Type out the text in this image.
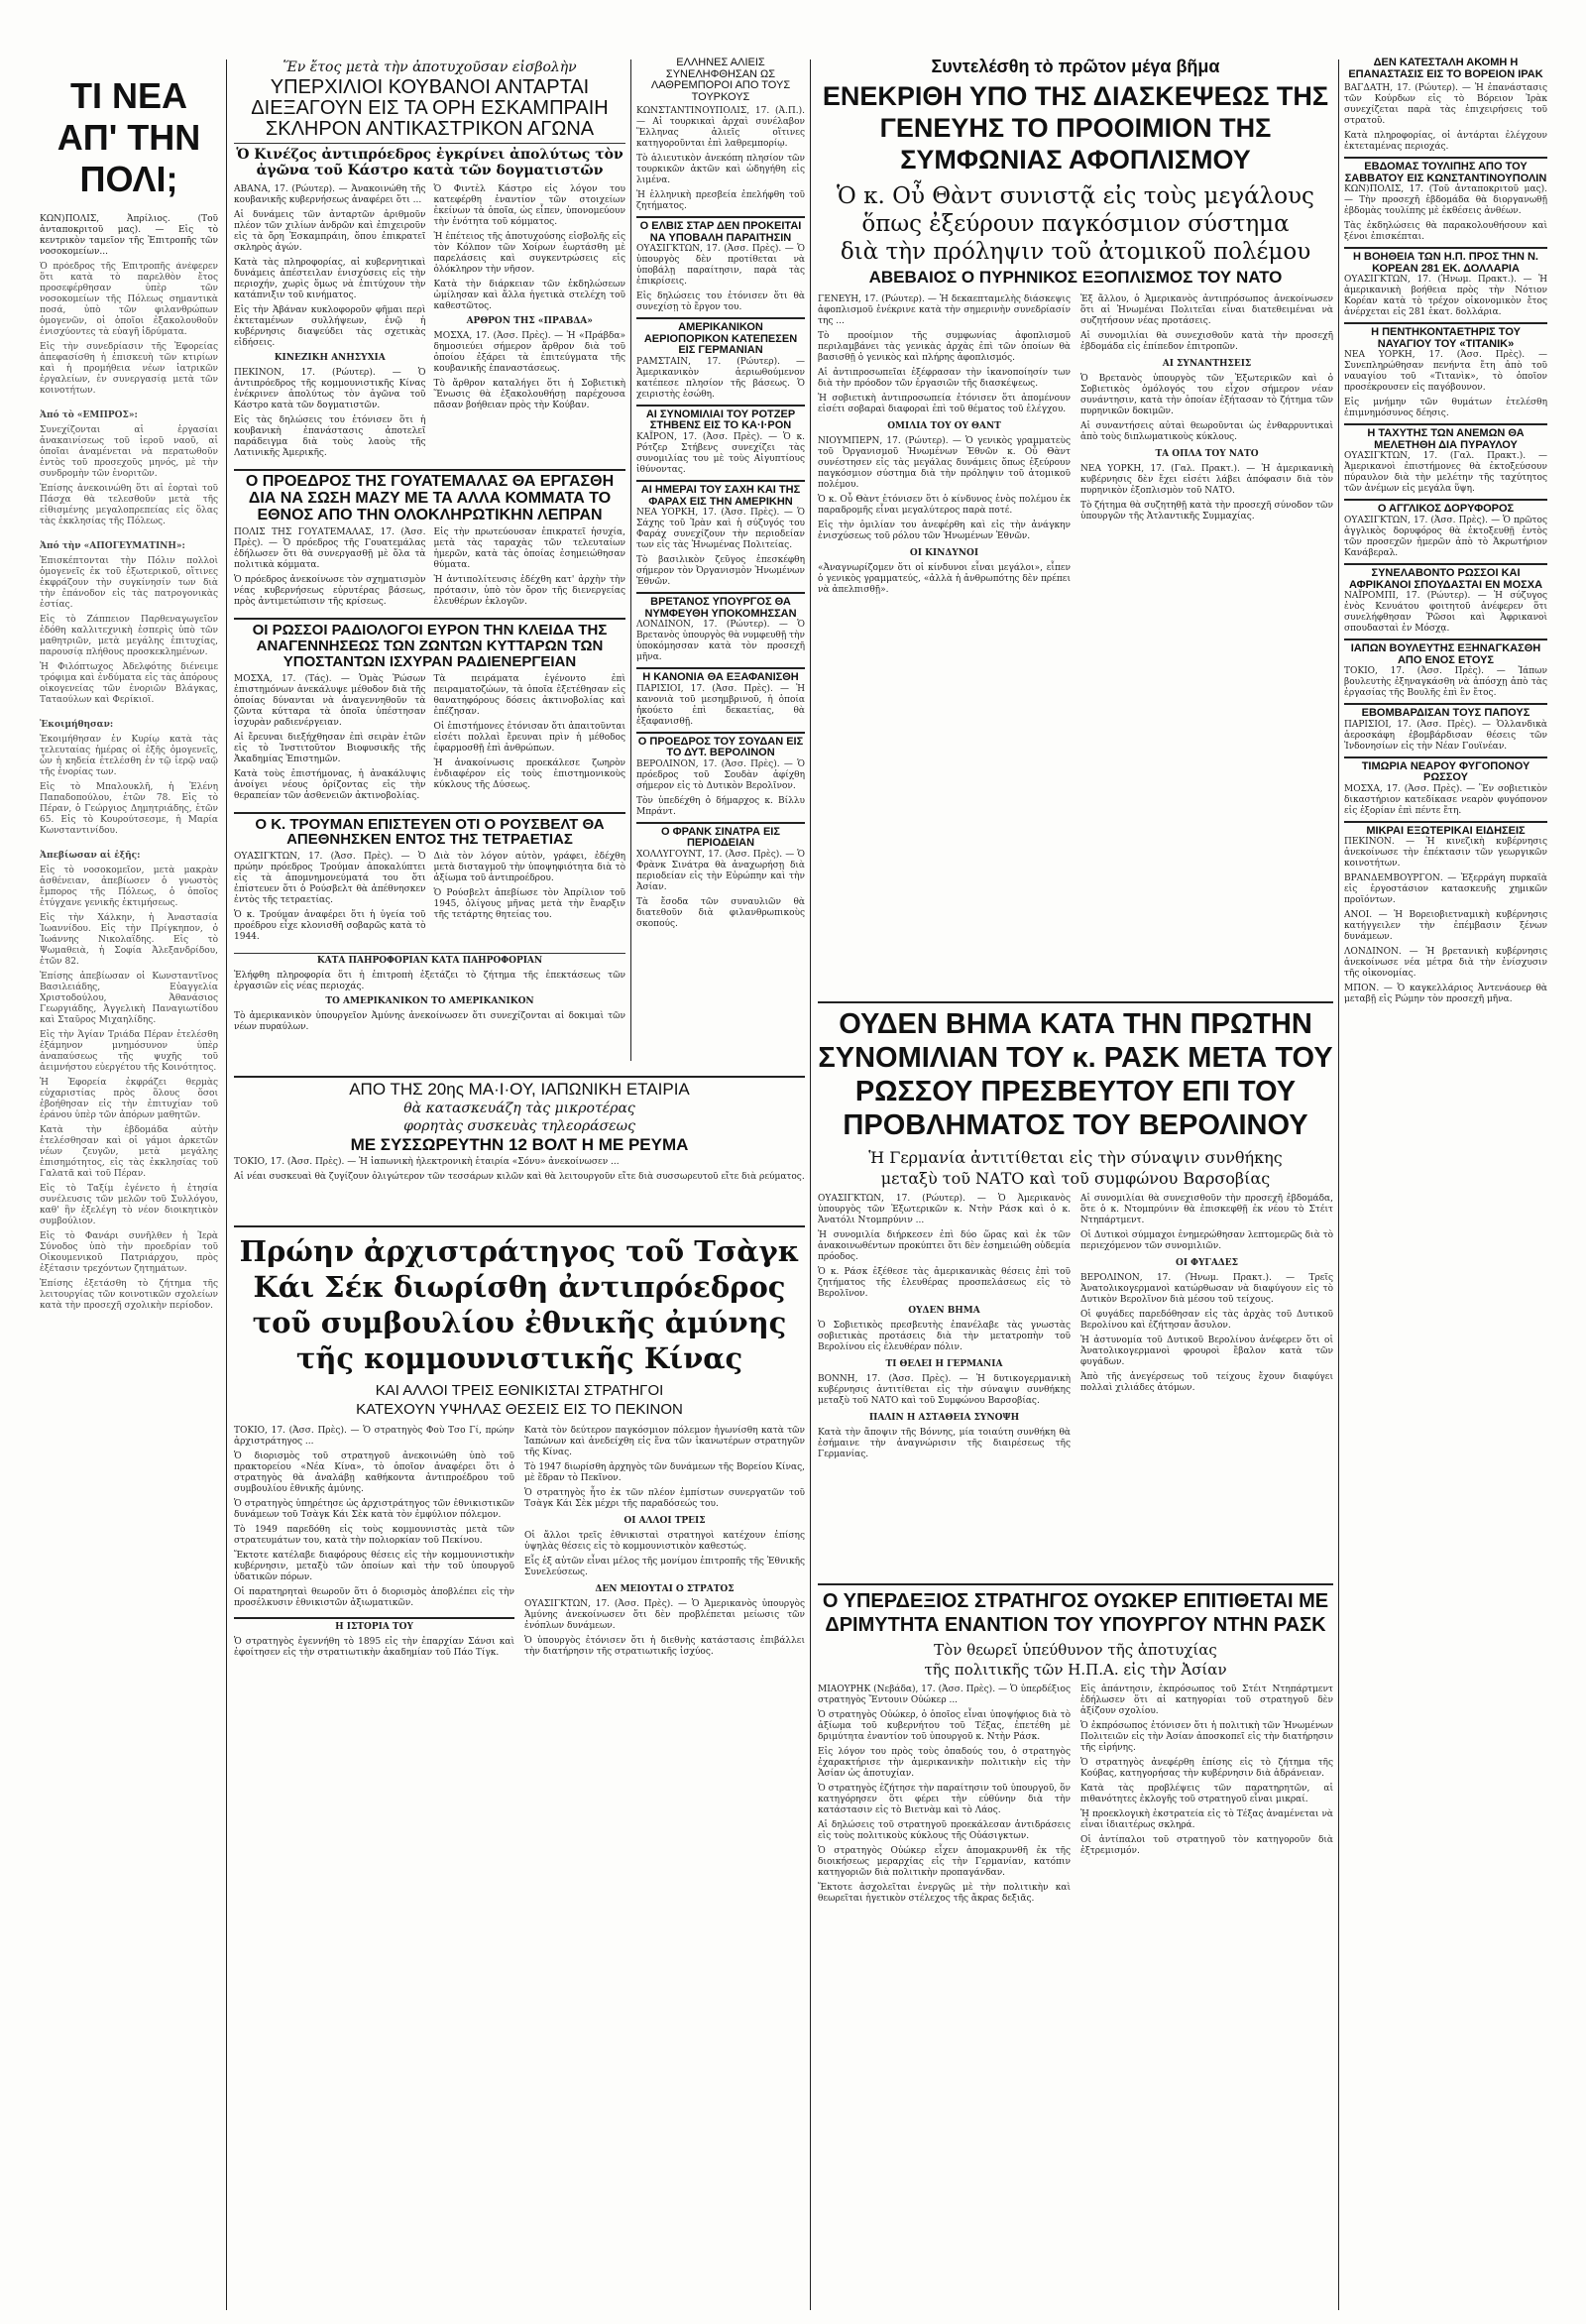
ΤΙ ΝΕΑ ΑΠ' ΤΗΝ ΠΟΛΙ;

ΚΩΝ)ΠΟΛΙΣ, Ἀπρίλιος. (Τοῦ ἀνταποκριτοῦ μας). — Εἰς τὸ κεντρικὸν ταμεῖον τῆς Ἐπιτροπῆς τῶν νοσοκομείων...

Ὁ πρόεδρος τῆς Ἐπιτροπῆς ἀνέφερεν ὅτι κατὰ τὸ παρελθὸν ἔτος προσεφέρθησαν ὑπὲρ τῶν νοσοκομείων τῆς Πόλεως σημαντικὰ ποσά, ὑπὸ τῶν φιλανθρώπων ὁμογενῶν, οἱ ὁποῖοι ἐξακολουθοῦν ἐνισχύοντες τὰ εὐαγῆ ἱδρύματα.

Εἰς τὴν συνεδρίασιν τῆς Ἐφορείας ἀπεφασίσθη ἡ ἐπισκευὴ τῶν κτιρίων καὶ ἡ προμήθεια νέων ἰατρικῶν ἐργαλείων, ἐν συνεργασίᾳ μετὰ τῶν κοινοτήτων.

Ἀπό τὸ «ΕΜΠΡΟΣ»:

Συνεχίζονται αἱ ἐργασίαι ἀνακαινίσεως τοῦ ἱεροῦ ναοῦ, αἱ ὁποῖαι ἀναμένεται νὰ περατωθοῦν ἐντὸς τοῦ προσεχοῦς μηνός, μὲ τὴν συνδρομὴν τῶν ἐνοριτῶν.

Ἐπίσης ἀνεκοινώθη ὅτι αἱ ἑορταὶ τοῦ Πάσχα θὰ τελεσθοῦν μετὰ τῆς εἰθισμένης μεγαλοπρεπείας εἰς ὅλας τὰς ἐκκλησίας τῆς Πόλεως.

Ἀπό τὴν «ΑΠΟΓΕΥΜΑΤΙΝΗ»:

Ἐπισκέπτονται τὴν Πόλιν πολλοὶ ὁμογενεῖς ἐκ τοῦ ἐξωτερικοῦ, οἵτινες ἐκφράζουν τὴν συγκίνησίν των διὰ τὴν ἐπάνοδον εἰς τὰς πατρογονικὰς ἑστίας.

Εἰς τὸ Ζάππειον Παρθεναγωγεῖον ἐδόθη καλλιτεχνικὴ ἑσπερὶς ὑπὸ τῶν μαθητριῶν, μετὰ μεγάλης ἐπιτυχίας, παρουσίᾳ πλήθους προσκεκλημένων.

Ἡ Φιλόπτωχος Ἀδελφότης διένειμε τρόφιμα καὶ ἐνδύματα εἰς τὰς ἀπόρους οἰκογενείας τῶν ἐνοριῶν Βλάγκας, Ταταούλων καὶ Φερίκιοϊ.

Ἐκοιμήθησαν:

Ἐκοιμήθησαν ἐν Κυρίῳ κατὰ τὰς τελευταίας ἡμέρας οἱ ἑξῆς ὁμογενεῖς, ὧν ἡ κηδεία ἐτελέσθη ἐν τῷ ἱερῷ ναῷ τῆς ἐνορίας των.

Εἰς τὸ Μπαλουκλῆ, ἡ Ἐλένη Παπαδοπούλου, ἐτῶν 78. Εἰς τὸ Πέραν, ὁ Γεώργιος Δημητριάδης, ἐτῶν 65. Εἰς τὸ Κουρούτσεσμε, ἡ Μαρία Κωνσταντινίδου.

Ἀπεβίωσαν αἱ ἑξῆς:

Εἰς τὸ νοσοκομεῖον, μετὰ μακρὰν ἀσθένειαν, ἀπεβίωσεν ὁ γνωστὸς ἔμπορος τῆς Πόλεως, ὁ ὁποῖος ἐτύγχανε γενικῆς ἐκτιμήσεως.

Εἰς τὴν Χάλκην, ἡ Ἀναστασία Ἰωαννίδου. Εἰς τὴν Πρίγκηπον, ὁ Ἰωάννης Νικολαΐδης. Εἰς τὸ Ψωμαθειὰ, ἡ Σοφία Ἀλεξανδρίδου, ἐτῶν 82.

Ἐπίσης ἀπεβίωσαν οἱ Κωνσταντῖνος Βασιλειάδης, Εὐαγγελία Χριστοδούλου, Ἀθανάσιος Γεωργιάδης, Ἀγγελικὴ Παναγιωτίδου καὶ Σταῦρος Μιχαηλίδης.

Εἰς τὴν Ἁγίαν Τριάδα Πέραν ἐτελέσθη ἑξάμηνον μνημόσυνον ὑπὲρ ἀναπαύσεως τῆς ψυχῆς τοῦ ἀειμνήστου εὐεργέτου τῆς Κοινότητος.

Ἡ Ἐφορεία ἐκφράζει θερμὰς εὐχαριστίας πρὸς ὅλους ὅσοι ἐβοήθησαν εἰς τὴν ἐπιτυχίαν τοῦ ἐράνου ὑπὲρ τῶν ἀπόρων μαθητῶν.

Κατὰ τὴν ἐβδομάδα αὐτὴν ἐτελέσθησαν καὶ οἱ γάμοι ἀρκετῶν νέων ζευγῶν, μετὰ μεγάλης ἐπισημότητος, εἰς τὰς ἐκκλησίας τοῦ Γαλατᾶ καὶ τοῦ Πέραν.

Εἰς τὸ Ταξίμ ἐγένετο ἡ ἐτησία συνέλευσις τῶν μελῶν τοῦ Συλλόγου, καθ' ἣν ἐξελέγη τὸ νέον διοικητικὸν συμβούλιον.

Εἰς τὸ Φανάρι συνῆλθεν ἡ Ἱερὰ Σύνοδος ὑπὸ τὴν προεδρίαν τοῦ Οἰκουμενικοῦ Πατριάρχου, πρὸς ἐξέτασιν τρεχόντων ζητημάτων.

Ἐπίσης ἐξετάσθη τὸ ζήτημα τῆς λειτουργίας τῶν κοινοτικῶν σχολείων κατὰ τὴν προσεχῆ σχολικὴν περίοδον.

Ἕν ἔτος μετὰ τὴν ἀποτυχοῦσαν εἰσβολὴν
ΥΠΕΡΧΙΛΙΟΙ ΚΟΥΒΑΝΟΙ ΑΝΤΑΡΤΑΙ ΔΙΕΞΑΓΟΥΝ ΕΙΣ ΤΑ ΟΡΗ ΕΣΚΑΜΠΡΑΙΗ ΣΚΛΗΡΟΝ ΑΝΤΙΚΑΣΤΡΙΚΟΝ ΑΓΩΝΑ
Ὁ Κινέζος ἀντιπρόεδρος ἐγκρίνει ἀπολύτως τὸν ἀγῶνα τοῦ Κάστρο κατὰ τῶν δογματιστῶν

ΑΒΑΝΑ, 17. (Ρώυτερ). — Ἀνακοινώθη τῆς κουβανικῆς κυβερνήσεως ἀναφέρει ὅτι ...

Αἱ δυνάμεις τῶν ἀνταρτῶν ἀριθμοῦν πλέον τῶν χιλίων ἀνδρῶν καὶ ἐπιχειροῦν εἰς τὰ ὄρη Ἐσκαμπράιη, ὅπου ἐπικρατεῖ σκληρὸς ἀγών.

Κατὰ τὰς πληροφορίας, αἱ κυβερνητικαὶ δυνάμεις ἀπέστειλαν ἐνισχύσεις εἰς τὴν περιοχήν, χωρὶς ὅμως νὰ ἐπιτύχουν τὴν κατάπνιξιν τοῦ κινήματος.

Εἰς τὴν Ἀβάναν κυκλοφοροῦν φῆμαι περὶ ἐκτεταμένων συλλήψεων, ἐνῷ ἡ κυβέρνησις διαψεύδει τὰς σχετικὰς εἰδήσεις.

ΚΙΝΕΖΙΚΗ ΑΝΗΣΥΧΙΑ

ΠΕΚΙΝΟΝ, 17. (Ρώυτερ). — Ὁ ἀντιπρόεδρος τῆς κομμουνιστικῆς Κίνας ἐνέκρινεν ἀπολύτως τὸν ἀγῶνα τοῦ Κάστρο κατὰ τῶν δογματιστῶν.

Εἰς τὰς δηλώσεις του ἐτόνισεν ὅτι ἡ κουβανικὴ ἐπανάστασις ἀποτελεῖ παράδειγμα διὰ τοὺς λαοὺς τῆς Λατινικῆς Ἀμερικῆς.

Ὁ Φιντὲλ Κάστρο εἰς λόγον του κατεφέρθη ἐναντίον τῶν στοιχείων ἐκείνων τὰ ὁποῖα, ὡς εἶπεν, ὑπονομεύουν τὴν ἑνότητα τοῦ κόμματος.

Ἡ ἐπέτειος τῆς ἀποτυχούσης εἰσβολῆς εἰς τὸν Κόλπον τῶν Χοίρων ἑωρτάσθη μὲ παρελάσεις καὶ συγκεντρώσεις εἰς ὁλόκληρον τὴν νῆσον.

Κατὰ τὴν διάρκειαν τῶν ἐκδηλώσεων ὡμίλησαν καὶ ἄλλα ἡγετικὰ στελέχη τοῦ καθεστῶτος.

ΑΡΘΡΟΝ ΤΗΣ «ΠΡΑΒΔΑ»

ΜΟΣΧΑ, 17. (Ἀσσ. Πρὲς). — Ἡ «Πράβδα» δημοσιεύει σήμερον ἄρθρον διὰ τοῦ ὁποίου ἐξάρει τὰ ἐπιτεύγματα τῆς κουβανικῆς ἐπαναστάσεως.

Τὸ ἄρθρον καταλήγει ὅτι ἡ Σοβιετικὴ Ἕνωσις θὰ ἐξακολουθήσῃ παρέχουσα πᾶσαν βοήθειαν πρὸς τὴν Κούβαν.

Ο ΠΡΟΕΔΡΟΣ ΤΗΣ ΓΟΥΑΤΕΜΑΛΑΣ ΘΑ ΕΡΓΑΣΘΗ ΔΙΑ ΝΑ ΣΩΣΗ ΜΑΖΥ ΜΕ ΤΑ ΑΛΛΑ ΚΟΜΜΑΤΑ ΤΟ ΕΘΝΟΣ ΑΠΟ ΤΗΝ ΟΛΟΚΛΗΡΩΤΙΚΗΝ ΛΕΠΡΑΝ

ΠΟΛΙΣ ΤΗΣ ΓΟΥΑΤΕΜΑΛΑΣ, 17. (Ἀσσ. Πρὲς). — Ὁ πρόεδρος τῆς Γουατεμάλας ἐδήλωσεν ὅτι θὰ συνεργασθῇ μὲ ὅλα τὰ πολιτικὰ κόμματα.

Ὁ πρόεδρος ἀνεκοίνωσε τὸν σχηματισμὸν νέας κυβερνήσεως εὐρυτέρας βάσεως, πρὸς ἀντιμετώπισιν τῆς κρίσεως.

Εἰς τὴν πρωτεύουσαν ἐπικρατεῖ ἡσυχία, μετὰ τὰς ταραχὰς τῶν τελευταίων ἡμερῶν, κατὰ τὰς ὁποίας ἐσημειώθησαν θύματα.

Ἡ ἀντιπολίτευσις ἐδέχθη κατ' ἀρχὴν τὴν πρότασιν, ὑπὸ τὸν ὅρον τῆς διενεργείας ἐλευθέρων ἐκλογῶν.

ΟΙ ΡΩΣΣΟΙ ΡΑΔΙΟΛΟΓΟΙ ΕΥΡΟΝ ΤΗΝ ΚΛΕΙΔΑ ΤΗΣ ΑΝΑΓΕΝΝΗΣΕΩΣ ΤΩΝ ΖΩΝΤΩΝ ΚΥΤΤΑΡΩΝ ΤΩΝ ΥΠΟΣΤΑΝΤΩΝ ΙΣΧΥΡΑΝ ΡΑΔΙΕΝΕΡΓΕΙΑΝ

ΜΟΣΧΑ, 17. (Τάς). — Ὁμὰς Ῥώσων ἐπιστημόνων ἀνεκάλυψε μέθοδον διὰ τῆς ὁποίας δύνανται νὰ ἀναγεννηθοῦν τὰ ζῶντα κύτταρα τὰ ὁποῖα ὑπέστησαν ἰσχυρὰν ραδιενέργειαν.

Αἱ ἔρευναι διεξήχθησαν ἐπὶ σειρὰν ἐτῶν εἰς τὸ Ἰνστιτοῦτον Βιοφυσικῆς τῆς Ἀκαδημίας Ἐπιστημῶν.

Κατὰ τοὺς ἐπιστήμονας, ἡ ἀνακάλυψις ἀνοίγει νέους ὁρίζοντας εἰς τὴν θεραπείαν τῶν ἀσθενειῶν ἀκτινοβολίας.

Τὰ πειράματα ἐγένοντο ἐπὶ πειραματοζώων, τὰ ὁποῖα ἐξετέθησαν εἰς θανατηφόρους δόσεις ἀκτινοβολίας καὶ ἐπέζησαν.

Οἱ ἐπιστήμονες ἐτόνισαν ὅτι ἀπαιτοῦνται εἰσέτι πολλαὶ ἔρευναι πρὶν ἡ μέθοδος ἐφαρμοσθῇ ἐπὶ ἀνθρώπων.

Ἡ ἀνακοίνωσις προεκάλεσε ζωηρὸν ἐνδιαφέρον εἰς τοὺς ἐπιστημονικοὺς κύκλους τῆς Δύσεως.

Ο Κ. ΤΡΟΥΜΑΝ ΕΠΙΣΤΕΥΕΝ ΟΤΙ Ο ΡΟΥΣΒΕΛΤ ΘΑ ΑΠΕΘΝΗΣΚΕΝ ΕΝΤΟΣ ΤΗΣ ΤΕΤΡΑΕΤΙΑΣ

ΟΥΑΣΙΓΚΤΩΝ, 17. (Ἀσσ. Πρὲς). — Ὁ πρώην πρόεδρος Τρούμαν ἀποκαλύπτει εἰς τὰ ἀπομνημονεύματά του ὅτι ἐπίστευεν ὅτι ὁ Ρούσβελτ θὰ ἀπέθνησκεν ἐντὸς τῆς τετραετίας.

Ὁ κ. Τρούμαν ἀναφέρει ὅτι ἡ ὑγεία τοῦ προέδρου εἶχε κλονισθῆ σοβαρῶς κατὰ τὸ 1944.

Διὰ τὸν λόγον αὐτὸν, γράφει, ἐδέχθη μετὰ δισταγμοῦ τὴν ὑποψηφιότητα διὰ τὸ ἀξίωμα τοῦ ἀντιπροέδρου.

Ὁ Ρούσβελτ ἀπεβίωσε τὸν Ἀπρίλιον τοῦ 1945, ὀλίγους μῆνας μετὰ τὴν ἔναρξιν τῆς τετάρτης θητείας του.

ΚΑΤΑ ΠΑΗΡΟΦΟΡΙΑΝ ΚΑΤΑ ΠΑΗΡΟΦΟΡΙΑΝ

Ἐλήφθη πληροφορία ὅτι ἡ ἐπιτροπὴ ἐξετάζει τὸ ζήτημα τῆς ἐπεκτάσεως τῶν ἐργασιῶν εἰς νέας περιοχάς.

ΤΟ ΑΜΕΡΙΚΑΝΙΚΟΝ ΤΟ ΑΜΕΡΙΚΑΝΙΚΟΝ

Τὸ ἀμερικανικὸν ὑπουργεῖον Ἀμύνης ἀνεκοίνωσεν ὅτι συνεχίζονται αἱ δοκιμαὶ τῶν νέων πυραύλων.

ΕΛΛΗΝΕΣ ΑΛΙΕΙΣ ΣΥΝΕΛΗΦΘΗΣΑΝ ΩΣ ΛΑΘΡΕΜΠΟΡΟΙ ΑΠΟ ΤΟΥΣ ΤΟΥΡΚΟΥΣ

ΚΩΝΣΤΑΝΤΙΝΟΥΠΟΛΙΣ, 17. (Ἀ.Π.). — Αἱ τουρκικαὶ ἀρχαὶ συνέλαβον Ἕλληνας ἁλιεῖς οἵτινες κατηγοροῦνται ἐπὶ λαθρεμπορίῳ.

Τὸ ἁλιευτικὸν ἀνεκόπη πλησίον τῶν τουρκικῶν ἀκτῶν καὶ ὡδηγήθη εἰς λιμένα.

Ἡ ἑλληνικὴ πρεσβεία ἐπελήφθη τοῦ ζητήματος.

Ο ΕΛΒΙΣ ΣΤΑΡ ΔΕΝ ΠΡΟΚΕΙΤΑΙ ΝΑ ΥΠΟΒΑΛΗ ΠΑΡΑΙΤΗΣΙΝ

ΟΥΑΣΙΓΚΤΩΝ, 17. (Ἀσσ. Πρὲς). — Ὁ ὑπουργὸς δὲν προτίθεται νὰ ὑποβάλῃ παραίτησιν, παρὰ τὰς ἐπικρίσεις.

Εἰς δηλώσεις του ἐτόνισεν ὅτι θὰ συνεχίσῃ τὸ ἔργον του.

ΑΜΕΡΙΚΑΝΙΚΟΝ ΑΕΡΙΟΠΟΡΙΚΟΝ ΚΑΤΕΠΕΣΕΝ ΕΙΣ ΓΕΡΜΑΝΙΑΝ

ΡΑΜΣΤΑΙΝ, 17. (Ρώυτερ). — Ἀμερικανικὸν ἀεριωθούμενον κατέπεσε πλησίον τῆς βάσεως. Ὁ χειριστὴς ἐσώθη.

ΑΙ ΣΥΝΟΜΙΛΙΑΙ ΤΟΥ ΡΟΤΖΕΡ ΣΤΗΒΕΝΣ ΕΙΣ ΤΟ ΚΑ·Ι·ΡΟΝ

ΚΑΪΡΟΝ, 17. (Ἀσσ. Πρὲς). — Ὁ κ. Ρότζερ Στήβενς συνεχίζει τὰς συνομιλίας του μὲ τοὺς Αἰγυπτίους ἰθύνοντας.

ΑΙ ΗΜΕΡΑΙ ΤΟΥ ΣΑΧΗ ΚΑΙ ΤΗΣ ΦΑΡΑΧ ΕΙΣ ΤΗΝ ΑΜΕΡΙΚΗΝ

ΝΕΑ ΥΟΡΚΗ, 17. (Ἀσσ. Πρὲς). — Ὁ Σάχης τοῦ Ἰρὰν καὶ ἡ σύζυγός του Φαράχ συνεχίζουν τὴν περιοδείαν των εἰς τὰς Ἡνωμένας Πολιτείας.

Τὸ βασιλικὸν ζεῦγος ἐπεσκέφθη σήμερον τὸν Ὀργανισμὸν Ἡνωμένων Ἐθνῶν.

ΒΡΕΤΑΝΟΣ ΥΠΟΥΡΓΟΣ ΘΑ ΝΥΜΦΕΥΘΗ ΥΠΟΚΟΜΗΣΣΑΝ

ΛΟΝΔΙΝΟΝ, 17. (Ρώυτερ). — Ὁ Βρετανὸς ὑπουργὸς θὰ νυμφευθῇ τὴν ὑποκόμησσαν κατὰ τὸν προσεχῆ μῆνα.

Η ΚΑΝΟΝΙΑ ΘΑ ΕΞΑΦΑΝΙΣΘΗ

ΠΑΡΙΣΙΟΙ, 17. (Ἀσσ. Πρὲς). — Ἡ κανονιὰ τοῦ μεσημβρινοῦ, ἡ ὁποία ἠκούετο ἐπὶ δεκαετίας, θὰ ἐξαφανισθῇ.

Ο ΠΡΟΕΔΡΟΣ ΤΟΥ ΣΟΥΔΑΝ ΕΙΣ ΤΟ ΔΥΤ. ΒΕΡΟΛΙΝΟΝ

ΒΕΡΟΛΙΝΟΝ, 17. (Ἀσσ. Πρὲς). — Ὁ πρόεδρος τοῦ Σουδὰν ἀφίχθη σήμερον εἰς τὸ Δυτικὸν Βερολῖνον.

Τὸν ὑπεδέχθη ὁ δήμαρχος κ. Βίλλυ Μπράντ.

Ο ΦΡΑΝΚ ΣΙΝΑΤΡΑ ΕΙΣ ΠΕΡΙΟΔΕΙΑΝ

ΧΟΛΛΥΓΟΥΝΤ, 17. (Ἀσσ. Πρὲς). — Ὁ Φρὰνκ Σινάτρα θὰ ἀναχωρήσῃ διὰ περιοδείαν εἰς τὴν Εὐρώπην καὶ τὴν Ἀσίαν.

Τὰ ἔσοδα τῶν συναυλιῶν θὰ διατεθοῦν διὰ φιλανθρωπικοὺς σκοπούς.

ΑΠΟ ΤΗΣ 20ης ΜΑ·Ι·ΟΥ, ΙΑΠΩΝΙΚΗ ΕΤΑΙΡΙΑ
θὰ κατασκευάζη τὰς μικροτέρας
φορητὰς συσκευὰς τηλεοράσεως
ΜΕ ΣΥΣΣΩΡΕΥΤΗΝ 12 ΒΟΛΤ Η ΜΕ ΡΕΥΜΑ

ΤΟΚΙΟ, 17. (Ἀσσ. Πρὲς). — Ἡ ἰαπωνικὴ ἠλεκτρονικὴ ἑταιρία «Σόνυ» ἀνεκοίνωσεν ...

Αἱ νέαι συσκευαὶ θὰ ζυγίζουν ὀλιγώτερον τῶν τεσσάρων κιλῶν καὶ θὰ λειτουργοῦν εἴτε διὰ συσσωρευτοῦ εἴτε διὰ ρεύματος.

Πρώην ἀρχιστράτηγος τοῦ Τσὰγκ Κάι Σέκ διωρίσθη ἀντιπρόεδρος τοῦ συμβουλίου ἐθνικῆς ἀμύνης τῆς κομμουνιστικῆς Κίνας
ΚΑΙ ΑΛΛΟΙ ΤΡΕΙΣ ΕΘΝΙΚΙΣΤΑΙ ΣΤΡΑΤΗΓΟΙ
ΚΑΤΕΧΟΥΝ ΥΨΗΛΑΣ ΘΕΣΕΙΣ ΕΙΣ ΤΟ ΠΕΚΙΝΟΝ

ΤΟΚΙΟ, 17. (Ἀσσ. Πρὲς). — Ὁ στρατηγὸς Φοὺ Τσο Γί, πρώην ἀρχιστράτηγος ...

Ὁ διορισμὸς τοῦ στρατηγοῦ ἀνεκοινώθη ὑπὸ τοῦ πρακτορείου «Νέα Κίνα», τὸ ὁποῖον ἀναφέρει ὅτι ὁ στρατηγὸς θὰ ἀναλάβῃ καθήκοντα ἀντιπροέδρου τοῦ συμβουλίου ἐθνικῆς ἀμύνης.

Ὁ στρατηγὸς ὑπηρέτησε ὡς ἀρχιστράτηγος τῶν ἐθνικιστικῶν δυνάμεων τοῦ Τσὰγκ Κάι Σὲκ κατὰ τὸν ἐμφύλιον πόλεμον.

Τὸ 1949 παρεδόθη εἰς τοὺς κομμουνιστὰς μετὰ τῶν στρατευμάτων του, κατὰ τὴν πολιορκίαν τοῦ Πεκίνου.

Ἔκτοτε κατέλαβε διαφόρους θέσεις εἰς τὴν κομμουνιστικὴν κυβέρνησιν, μεταξὺ τῶν ὁποίων καὶ τὴν τοῦ ὑπουργοῦ ὑδατικῶν πόρων.

Οἱ παρατηρηταὶ θεωροῦν ὅτι ὁ διορισμὸς ἀποβλέπει εἰς τὴν προσέλκυσιν ἐθνικιστῶν ἀξιωματικῶν.

Η ΙΣΤΟΡΙΑ ΤΟΥ

Ὁ στρατηγὸς ἐγεννήθη τὸ 1895 εἰς τὴν ἐπαρχίαν Σάνσι καὶ ἐφοίτησεν εἰς τὴν στρατιωτικὴν ἀκαδημίαν τοῦ Πάο Τίγκ.

Κατὰ τὸν δεύτερον παγκόσμιον πόλεμον ἠγωνίσθη κατὰ τῶν Ἰαπώνων καὶ ἀνεδείχθη εἰς ἕνα τῶν ἱκανωτέρων στρατηγῶν τῆς Κίνας.

Τὸ 1947 διωρίσθη ἀρχηγὸς τῶν δυνάμεων τῆς Βορείου Κίνας, μὲ ἕδραν τὸ Πεκῖνον.

Ὁ στρατηγὸς ἦτο ἐκ τῶν πλέον ἐμπίστων συνεργατῶν τοῦ Τσὰγκ Κάι Σὲκ μέχρι τῆς παραδόσεώς του.

ΟΙ ΑΛΛΟΙ ΤΡΕΙΣ

Οἱ ἄλλοι τρεῖς ἐθνικισταὶ στρατηγοὶ κατέχουν ἐπίσης ὑψηλὰς θέσεις εἰς τὸ κομμουνιστικὸν καθεστώς.

Εἷς ἐξ αὐτῶν εἶναι μέλος τῆς μονίμου ἐπιτροπῆς τῆς Ἐθνικῆς Συνελεύσεως.

ΔΕΝ ΜΕΙΟΥΤΑΙ Ο ΣΤΡΑΤΟΣ

ΟΥΑΣΙΓΚΤΩΝ, 17. (Ἀσσ. Πρὲς). — Ὁ Ἀμερικανὸς ὑπουργὸς Ἀμύνης ἀνεκοίνωσεν ὅτι δὲν προβλέπεται μείωσις τῶν ἐνόπλων δυνάμεων.

Ὁ ὑπουργὸς ἐτόνισεν ὅτι ἡ διεθνὴς κατάστασις ἐπιβάλλει τὴν διατήρησιν τῆς στρατιωτικῆς ἰσχύος.

Συντελέσθη τὸ πρῶτον μέγα βῆμα
ΕΝΕΚΡΙΘΗ ΥΠΟ ΤΗΣ ΔΙΑΣΚΕΨΕΩΣ ΤΗΣ ΓΕΝΕΥΗΣ ΤΟ ΠΡΟΟΙΜΙΟΝ ΤΗΣ ΣΥΜΦΩΝΙΑΣ ΑΦΟΠΛΙΣΜΟΥ
Ὁ κ. Οὖ Θὰντ συνιστᾷ εἰς τοὺς μεγάλους
ὅπως ἐξεύρουν παγκόσμιον σύστημα
διὰ τὴν πρόληψιν τοῦ ἀτομικοῦ πολέμου
ΑΒΕΒΑΙΟΣ Ο ΠΥΡΗΝΙΚΟΣ ΕΞΟΠΛΙΣΜΟΣ ΤΟΥ ΝΑΤΟ

ΓΕΝΕΥΗ, 17. (Ρώυτερ). — Ἡ δεκαεπταμελὴς διάσκεψις ἀφοπλισμοῦ ἐνέκρινε κατὰ τὴν σημερινὴν συνεδρίασίν της ...

Τὸ προοίμιον τῆς συμφωνίας ἀφοπλισμοῦ περιλαμβάνει τὰς γενικὰς ἀρχὰς ἐπὶ τῶν ὁποίων θὰ βασισθῇ ὁ γενικὸς καὶ πλήρης ἀφοπλισμός.

Αἱ ἀντιπροσωπεῖαι ἐξέφρασαν τὴν ἱκανοποίησίν των διὰ τὴν πρόοδον τῶν ἐργασιῶν τῆς διασκέψεως.

Ἡ σοβιετικὴ ἀντιπροσωπεία ἐτόνισεν ὅτι ἀπομένουν εἰσέτι σοβαραὶ διαφοραὶ ἐπὶ τοῦ θέματος τοῦ ἐλέγχου.

ΟΜΙΛΙΑ ΤΟΥ ΟΥ ΘΑΝΤ

ΝΙΟΥΜΠΕΡΝ, 17. (Ρώυτερ). — Ὁ γενικὸς γραμματεὺς τοῦ Ὀργανισμοῦ Ἡνωμένων Ἐθνῶν κ. Οὖ Θὰντ συνέστησεν εἰς τὰς μεγάλας δυνάμεις ὅπως ἐξεύρουν παγκόσμιον σύστημα διὰ τὴν πρόληψιν τοῦ ἀτομικοῦ πολέμου.

Ὁ κ. Οὖ Θὰντ ἐτόνισεν ὅτι ὁ κίνδυνος ἑνὸς πολέμου ἐκ παραδρομῆς εἶναι μεγαλύτερος παρὰ ποτέ.

Εἰς τὴν ὁμιλίαν του ἀνεφέρθη καὶ εἰς τὴν ἀνάγκην ἐνισχύσεως τοῦ ρόλου τῶν Ἡνωμένων Ἐθνῶν.

ΟΙ ΚΙΝΔΥΝΟΙ

«Ἀναγνωρίζομεν ὅτι οἱ κίνδυνοι εἶναι μεγάλοι», εἶπεν ὁ γενικὸς γραμματεύς, «ἀλλὰ ἡ ἀνθρωπότης δὲν πρέπει νὰ ἀπελπισθῇ».

Ἐξ ἄλλου, ὁ Ἀμερικανὸς ἀντιπρόσωπος ἀνεκοίνωσεν ὅτι αἱ Ἡνωμέναι Πολιτεῖαι εἶναι διατεθειμέναι νὰ συζητήσουν νέας προτάσεις.

Αἱ συνομιλίαι θὰ συνεχισθοῦν κατὰ τὴν προσεχῆ ἑβδομάδα εἰς ἐπίπεδον ἐπιτροπῶν.

ΑΙ ΣΥΝΑΝΤΗΣΕΙΣ

Ὁ Βρετανὸς ὑπουργὸς τῶν Ἐξωτερικῶν καὶ ὁ Σοβιετικὸς ὁμόλογός του εἶχον σήμερον νέαν συνάντησιν, κατὰ τὴν ὁποίαν ἐξήτασαν τὸ ζήτημα τῶν πυρηνικῶν δοκιμῶν.

Αἱ συναντήσεις αὐταὶ θεωροῦνται ὡς ἐνθαρρυντικαὶ ἀπὸ τοὺς διπλωματικοὺς κύκλους.

ΤΑ ΟΠΛΑ ΤΟΥ ΝΑΤΟ

ΝΕΑ ΥΟΡΚΗ, 17. (Γαλ. Πρακτ.). — Ἡ ἀμερικανικὴ κυβέρνησις δὲν ἔχει εἰσέτι λάβει ἀπόφασιν διὰ τὸν πυρηνικὸν ἐξοπλισμὸν τοῦ ΝΑΤΟ.

Τὸ ζήτημα θὰ συζητηθῇ κατὰ τὴν προσεχῆ σύνοδον τῶν ὑπουργῶν τῆς Ἀτλαντικῆς Συμμαχίας.

ΟΥΔΕΝ ΒΗΜΑ ΚΑΤΑ ΤΗΝ ΠΡΩΤΗΝ ΣΥΝΟΜΙΛΙΑΝ ΤΟΥ κ. ΡΑΣΚ ΜΕΤΑ ΤΟΥ ΡΩΣΣΟΥ ΠΡΕΣΒΕΥΤΟΥ ΕΠΙ ΤΟΥ ΠΡΟΒΛΗΜΑΤΟΣ ΤΟΥ ΒΕΡΟΛΙΝΟΥ
Ἡ Γερμανία ἀντιτίθεται εἰς τὴν σύναψιν συνθήκης
μεταξὺ τοῦ ΝΑΤΟ καὶ τοῦ συμφώνου Βαρσοβίας

ΟΥΑΣΙΓΚΤΩΝ, 17. (Ρώυτερ). — Ὁ Ἀμερικανὸς ὑπουργὸς τῶν Ἐξωτερικῶν κ. Ντὴν Ράσκ καὶ ὁ κ. Ἀνατόλι Ντομπρύνιν ...

Ἡ συνομιλία διήρκεσεν ἐπὶ δύο ὥρας καὶ ἐκ τῶν ἀνακοινωθέντων προκύπτει ὅτι δὲν ἐσημειώθη οὐδεμία πρόοδος.

Ὁ κ. Ράσκ ἐξέθεσε τὰς ἀμερικανικὰς θέσεις ἐπὶ τοῦ ζητήματος τῆς ἐλευθέρας προσπελάσεως εἰς τὸ Βερολῖνον.

ΟΥΔΕΝ ΒΗΜΑ

Ὁ Σοβιετικὸς πρεσβευτὴς ἐπανέλαβε τὰς γνωστὰς σοβιετικὰς προτάσεις διὰ τὴν μετατροπὴν τοῦ Βερολίνου εἰς ἐλευθέραν πόλιν.

ΤΙ ΘΕΛΕΙ Η ΓΕΡΜΑΝΙΑ

ΒΟΝΝΗ, 17. (Ἀσσ. Πρὲς). — Ἡ δυτικογερμανικὴ κυβέρνησις ἀντιτίθεται εἰς τὴν σύναψιν συνθήκης μεταξὺ τοῦ ΝΑΤΟ καὶ τοῦ Συμφώνου Βαρσοβίας.

ΠΑΛΙΝ Η ΑΣΤΑΘΕΙΑ ΣΥΝΟΨΗ

Κατὰ τὴν ἄποψιν τῆς Βόννης, μία τοιαύτη συνθήκη θὰ ἐσήμαινε τὴν ἀναγνώρισιν τῆς διαιρέσεως τῆς Γερμανίας.

Αἱ συνομιλίαι θὰ συνεχισθοῦν τὴν προσεχῆ ἑβδομάδα, ὅτε ὁ κ. Ντομπρύνιν θὰ ἐπισκεφθῇ ἐκ νέου τὸ Στέιτ Ντηπάρτμεντ.

Οἱ Δυτικοὶ σύμμαχοι ἐνημερώθησαν λεπτομερῶς διὰ τὸ περιεχόμενον τῶν συνομιλιῶν.

ΟΙ ΦΥΓΑΔΕΣ

ΒΕΡΟΛΙΝΟΝ, 17. (Ἡνωμ. Πρακτ.). — Τρεῖς Ἀνατολικογερμανοὶ κατώρθωσαν νὰ διαφύγουν εἰς τὸ Δυτικὸν Βερολῖνον διὰ μέσου τοῦ τείχους.

Οἱ φυγάδες παρεδόθησαν εἰς τὰς ἀρχὰς τοῦ Δυτικοῦ Βερολίνου καὶ ἐζήτησαν ἄσυλον.

Ἡ ἀστυνομία τοῦ Δυτικοῦ Βερολίνου ἀνέφερεν ὅτι οἱ Ἀνατολικογερμανοὶ φρουροὶ ἔβαλον κατὰ τῶν φυγάδων.

Ἀπὸ τῆς ἀνεγέρσεως τοῦ τείχους ἔχουν διαφύγει πολλαὶ χιλιάδες ἀτόμων.

Ο ΥΠΕΡΔΕΞΙΟΣ ΣΤΡΑΤΗΓΟΣ ΟΥΩΚΕΡ ΕΠΙΤΙΘΕΤΑΙ ΜΕ ΔΡΙΜΥΤΗΤΑ ΕΝΑΝΤΙΟΝ ΤΟΥ ΥΠΟΥΡΓΟΥ ΝΤΗΝ ΡΑΣΚ
Τὸν θεωρεῖ ὑπεύθυνον τῆς ἀποτυχίας
τῆς πολιτικῆς τῶν Η.Π.Α. εἰς τὴν Ἀσίαν

ΜΙΑΟΥΡΗΚ (Νεβάδα), 17. (Ἀσσ. Πρὲς). — Ὁ ὑπερδέξιος στρατηγὸς Ἔντουιν Οὐώκερ ...

Ὁ στρατηγὸς Οὐώκερ, ὁ ὁποῖος εἶναι ὑποψήφιος διὰ τὸ ἀξίωμα τοῦ κυβερνήτου τοῦ Τέξας, ἐπετέθη μὲ δριμύτητα ἐναντίον τοῦ ὑπουργοῦ κ. Ντὴν Ράσκ.

Εἰς λόγον του πρὸς τοὺς ὀπαδούς του, ὁ στρατηγὸς ἐχαρακτήρισε τὴν ἀμερικανικὴν πολιτικὴν εἰς τὴν Ἀσίαν ὡς ἀποτυχίαν.

Ὁ στρατηγὸς ἐζήτησε τὴν παραίτησιν τοῦ ὑπουργοῦ, ὅν κατηγόρησεν ὅτι φέρει τὴν εὐθύνην διὰ τὴν κατάστασιν εἰς τὸ Βιετνὰμ καὶ τὸ Λάος.

Αἱ δηλώσεις τοῦ στρατηγοῦ προεκάλεσαν ἀντιδράσεις εἰς τοὺς πολιτικοὺς κύκλους τῆς Οὐάσιγκτων.

Ὁ στρατηγὸς Οὐώκερ εἶχεν ἀπομακρυνθῆ ἐκ τῆς διοικήσεως μεραρχίας εἰς τὴν Γερμανίαν, κατόπιν κατηγοριῶν διὰ πολιτικὴν προπαγάνδαν.

Ἔκτοτε ἀσχολεῖται ἐνεργῶς μὲ τὴν πολιτικὴν καὶ θεωρεῖται ἡγετικὸν στέλεχος τῆς ἄκρας δεξιᾶς.

Εἰς ἀπάντησιν, ἐκπρόσωπος τοῦ Στέιτ Ντηπάρτμεντ ἐδήλωσεν ὅτι αἱ κατηγορίαι τοῦ στρατηγοῦ δὲν ἀξίζουν σχολίου.

Ὁ ἐκπρόσωπος ἐτόνισεν ὅτι ἡ πολιτικὴ τῶν Ἡνωμένων Πολιτειῶν εἰς τὴν Ἀσίαν ἀποσκοπεῖ εἰς τὴν διατήρησιν τῆς εἰρήνης.

Ὁ στρατηγὸς ἀνεφέρθη ἐπίσης εἰς τὸ ζήτημα τῆς Κούβας, κατηγορήσας τὴν κυβέρνησιν διὰ ἀδράνειαν.

Κατὰ τὰς προβλέψεις τῶν παρατηρητῶν, αἱ πιθανότητες ἐκλογῆς τοῦ στρατηγοῦ εἶναι μικραί.

Ἡ προεκλογικὴ ἐκστρατεία εἰς τὸ Τέξας ἀναμένεται νὰ εἶναι ἰδιαιτέρως σκληρά.

Οἱ ἀντίπαλοι τοῦ στρατηγοῦ τὸν κατηγοροῦν διὰ ἐξτρεμισμόν.

ΔΕΝ ΚΑΤΕΣΤΑΛΗ ΑΚΟΜΗ Η ΕΠΑΝΑΣΤΑΣΙΣ ΕΙΣ ΤΟ ΒΟΡΕΙΟΝ ΙΡΑΚ

ΒΑΓΔΑΤΗ, 17. (Ρώυτερ). — Ἡ ἐπανάστασις τῶν Κούρδων εἰς τὸ Βόρειον Ἰρὰκ συνεχίζεται παρὰ τὰς ἐπιχειρήσεις τοῦ στρατοῦ.

Κατὰ πληροφορίας, οἱ ἀντάρται ἐλέγχουν ἐκτεταμένας περιοχάς.

ΕΒΔΟΜΑΣ ΤΟΥΛΙΠΗΣ ΑΠΟ ΤΟΥ ΣΑΒΒΑΤΟΥ ΕΙΣ ΚΩΝΣΤΑΝΤΙΝΟΥΠΟΛΙΝ

ΚΩΝ)ΠΟΛΙΣ, 17. (Τοῦ ἀνταποκριτοῦ μας). — Τὴν προσεχῆ ἑβδομάδα θὰ διοργανωθῇ ἑβδομὰς τουλίπης μὲ ἐκθέσεις ἀνθέων.

Τὰς ἐκδηλώσεις θὰ παρακολουθήσουν καὶ ξένοι ἐπισκέπται.

Η ΒΟΗΘΕΙΑ ΤΩΝ Η.Π. ΠΡΟΣ ΤΗΝ Ν. ΚΟΡΕΑΝ 281 ΕΚ. ΔΟΛΛΑΡΙΑ

ΟΥΑΣΙΓΚΤΩΝ, 17. (Ἡνωμ. Πρακτ.). — Ἡ ἀμερικανικὴ βοήθεια πρὸς τὴν Νότιον Κορέαν κατὰ τὸ τρέχον οἰκονομικὸν ἔτος ἀνέρχεται εἰς 281 ἑκατ. δολλάρια.

Η ΠΕΝΤΗΚΟΝΤΑΕΤΗΡΙΣ ΤΟΥ ΝΑΥΑΓΙΟΥ ΤΟΥ «ΤΙΤΑΝΙΚ»

ΝΕΑ ΥΟΡΚΗ, 17. (Ἀσσ. Πρὲς). — Συνεπληρώθησαν πενήντα ἔτη ἀπὸ τοῦ ναυαγίου τοῦ «Τιτανὶκ», τὸ ὁποῖον προσέκρουσεν εἰς παγόβουνον.

Εἰς μνήμην τῶν θυμάτων ἐτελέσθη ἐπιμνημόσυνος δέησις.

Η ΤΑΧΥΤΗΣ ΤΩΝ ΑΝΕΜΩΝ ΘΑ ΜΕΛΕΤΗΘΗ ΔΙΑ ΠΥΡΑΥΛΟΥ

ΟΥΑΣΙΓΚΤΩΝ, 17. (Γαλ. Πρακτ.). — Ἀμερικανοὶ ἐπιστήμονες θὰ ἐκτοξεύσουν πύραυλον διὰ τὴν μελέτην τῆς ταχύτητος τῶν ἀνέμων εἰς μεγάλα ὕψη.

Ο ΑΓΓΛΙΚΟΣ ΔΟΡΥΦΟΡΟΣ

ΟΥΑΣΙΓΚΤΩΝ, 17. (Ἀσσ. Πρὲς). — Ὁ πρῶτος ἀγγλικὸς δορυφόρος θὰ ἐκτοξευθῇ ἐντὸς τῶν προσεχῶν ἡμερῶν ἀπὸ τὸ Ἀκρωτήριον Κανάβεραλ.

ΣΥΝΕΛΑΒΟΝΤΟ ΡΩΣΣΟΙ ΚΑΙ ΑΦΡΙΚΑΝΟΙ ΣΠΟΥΔΑΣΤΑΙ ΕΝ ΜΟΣΧΑ

ΝΑΪΡΟΜΠΙ, 17. (Ρώυτερ). — Ἡ σύζυγος ἑνὸς Κενυάτου φοιτητοῦ ἀνέφερεν ὅτι συνελήφθησαν Ῥῶσοι καὶ Ἀφρικανοὶ σπουδασταὶ ἐν Μόσχᾳ.

ΙΑΠΩΝ ΒΟΥΛΕΥΤΗΣ ΕΞΗΝΑΓΚΑΣΘΗ ΑΠΟ ΕΝΟΣ ΕΤΟΥΣ

ΤΟΚΙΟ, 17. (Ἀσσ. Πρὲς). — Ἰάπων βουλευτὴς ἐξηναγκάσθη νὰ ἀπόσχῃ ἀπὸ τὰς ἐργασίας τῆς Βουλῆς ἐπὶ ἓν ἔτος.

ΕΒΟΜΒΑΡΔΙΣΑΝ ΤΟΥΣ ΠΑΠΟΥΣ

ΠΑΡΙΣΙΟΙ, 17. (Ἀσσ. Πρὲς). — Ὁλλανδικὰ ἀεροσκάφη ἐβομβάρδισαν θέσεις τῶν Ἰνδονησίων εἰς τὴν Νέαν Γουϊνέαν.

ΤΙΜΩΡΙΑ ΝΕΑΡΟΥ ΦΥΓΟΠΟΝΟΥ ΡΩΣΣΟΥ

ΜΟΣΧΑ, 17. (Ἀσσ. Πρὲς). — Ἓν σοβιετικὸν δικαστήριον κατεδίκασε νεαρὸν φυγόπονον εἰς ἐξορίαν ἐπὶ πέντε ἔτη.

ΜΙΚΡΑΙ ΕΞΩΤΕΡΙΚΑΙ ΕΙΔΗΣΕΙΣ

ΠΕΚΙΝΟΝ. — Ἡ κινεζικὴ κυβέρνησις ἀνεκοίνωσε τὴν ἐπέκτασιν τῶν γεωργικῶν κοινοτήτων.

ΒΡΑΝΔΕΜΒΟΥΡΓΟΝ. — Ἐξερράγη πυρκαϊὰ εἰς ἐργοστάσιον κατασκευῆς χημικῶν προϊόντων.

ΑΝΟΙ. — Ἡ Βορειοβιετναμικὴ κυβέρνησις κατήγγειλεν τὴν ἐπέμβασιν ξένων δυνάμεων.

ΛΟΝΔΙΝΟΝ. — Ἡ βρετανικὴ κυβέρνησις ἀνεκοίνωσε νέα μέτρα διὰ τὴν ἐνίσχυσιν τῆς οἰκονομίας.

ΜΠΟΝ. — Ὁ καγκελλάριος Ἀντενάουερ θὰ μεταβῇ εἰς Ρώμην τὸν προσεχῆ μῆνα.
